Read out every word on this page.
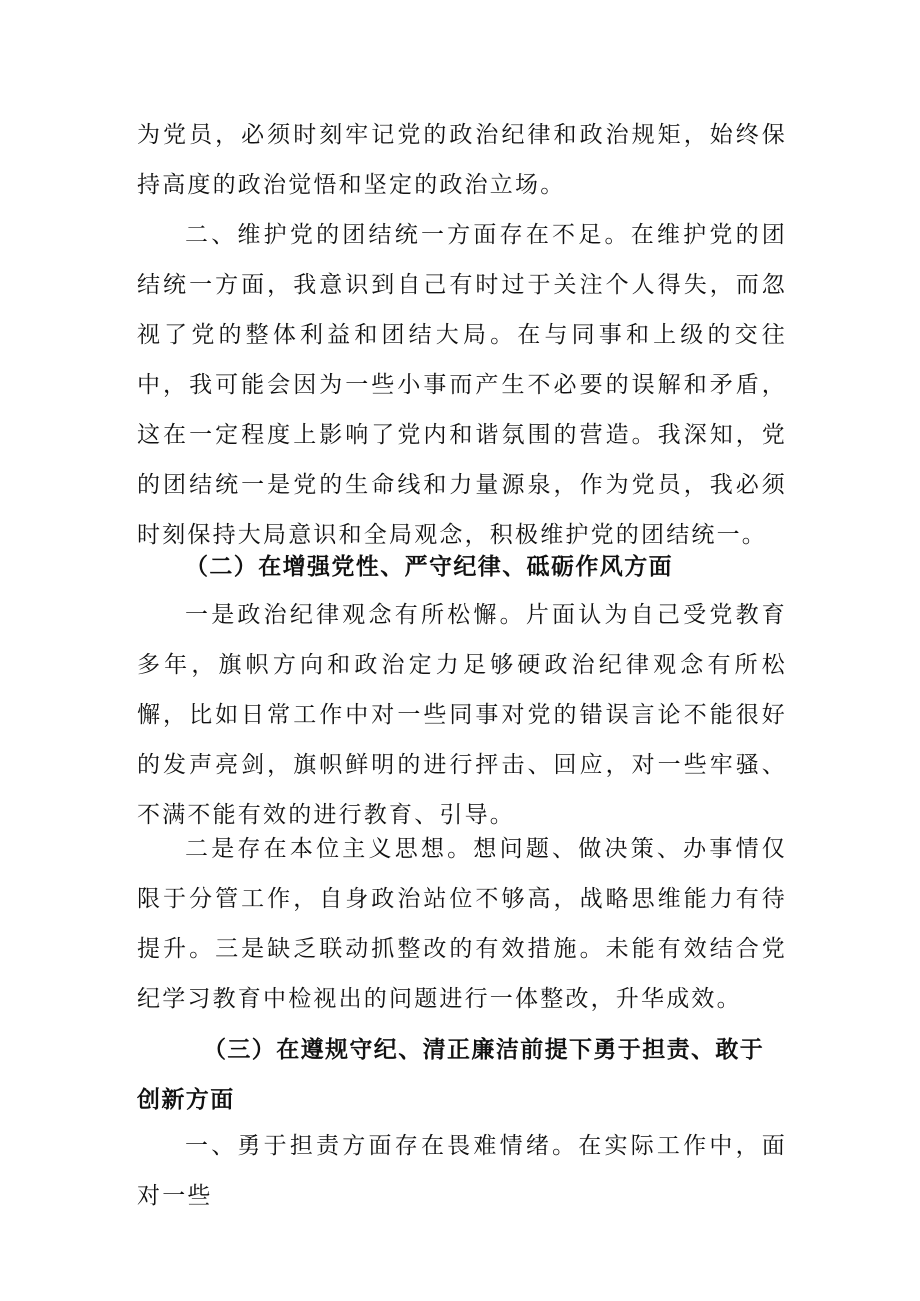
为党员，必须时刻牢记党的政治纪律和政治规矩，始终保持高度的政治觉悟和坚定的政治立场。

二、维护党的团结统一方面存在不足。在维护党的团结统一方面，我意识到自己有时过于关注个人得失，而忽视了党的整体利益和团结大局。在与同事和上级的交往中，我可能会因为一些小事而产生不必要的误解和矛盾，这在一定程度上影响了党内和谐氛围的营造。我深知，党的团结统一是党的生命线和力量源泉，作为党员，我必须时刻保持大局意识和全局观念，积极维护党的团结统一。

（二）在增强党性、严守纪律、砥砺作风方面

一是政治纪律观念有所松懈。片面认为自己受党教育多年，旗帜方向和政治定力足够硬政治纪律观念有所松懈，比如日常工作中对一些同事对党的错误言论不能很好的发声亮剑，旗帜鲜明的进行抨击、回应，对一些牢骚、不满不能有效的进行教育、引导。

二是存在本位主义思想。想问题、做决策、办事情仅限于分管工作，自身政治站位不够高，战略思维能力有待提升。三是缺乏联动抓整改的有效措施。未能有效结合党纪学习教育中检视出的问题进行一体整改，升华成效。

（三）在遵规守纪、清正廉洁前提下勇于担责、敢于创新方面

一、勇于担责方面存在畏难情绪。在实际工作中，面对一些
